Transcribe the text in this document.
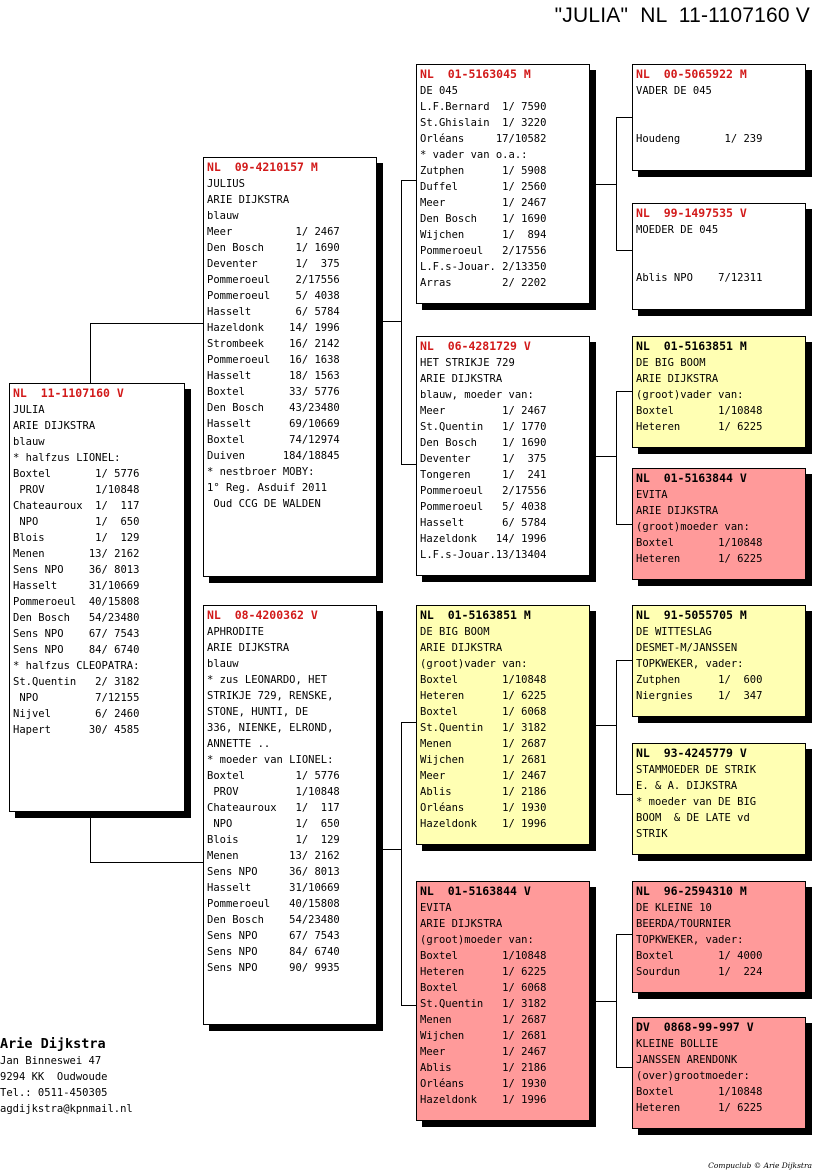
"JULIA"  NL  11-1107160 V
NL  11-1107160 V
JULIA
ARIE DIJKSTRA
blauw
* halfzus LIONEL:
Boxtel       1/ 5776
PROV        1/10848
Chateauroux  1/  117
NPO         1/  650
Blois        1/  129
Menen       13/ 2162
Sens NPO    36/ 8013
Hasselt     31/10669
Pommeroeul  40/15808
Den Bosch   54/23480
Sens NPO    67/ 7543
Sens NPO    84/ 6740
* halfzus CLEOPATRA:
St.Quentin   2/ 3182
NPO         7/12155
Nijvel       6/ 2460
Hapert      30/ 4585
NL  09-4210157 M
JULIUS
ARIE DIJKSTRA
blauw
Meer          1/ 2467
Den Bosch     1/ 1690
Deventer      1/  375
Pommeroeul    2/17556
Pommeroeul    5/ 4038
Hasselt       6/ 5784
Hazeldonk    14/ 1996
Strombeek    16/ 2142
Pommeroeul   16/ 1638
Hasselt      18/ 1563
Boxtel       33/ 5776
Den Bosch    43/23480
Hasselt      69/10669
Boxtel       74/12974
Duiven      184/18845
* nestbroer MOBY:
1° Reg. Asduif 2011
Oud CCG DE WALDEN
NL  08-4200362 V
APHRODITE
ARIE DIJKSTRA
blauw
* zus LEONARDO, HET
STRIKJE 729, RENSKE,
STONE, HUNTI, DE
336, NIENKE, ELROND,
ANNETTE ..
* moeder van LIONEL:
Boxtel        1/ 5776
PROV         1/10848
Chateauroux   1/  117
NPO          1/  650
Blois         1/  129
Menen        13/ 2162
Sens NPO     36/ 8013
Hasselt      31/10669
Pommeroeul   40/15808
Den Bosch    54/23480
Sens NPO     67/ 7543
Sens NPO     84/ 6740
Sens NPO     90/ 9935
NL  01-5163045 M
DE 045
L.F.Bernard  1/ 7590
St.Ghislain  1/ 3220
Orléans     17/10582
* vader van o.a.:
Zutphen      1/ 5908
Duffel       1/ 2560
Meer         1/ 2467
Den Bosch    1/ 1690
Wijchen      1/  894
Pommeroeul   2/17556
L.F.s-Jouar. 2/13350
Arras        2/ 2202
NL  06-4281729 V
HET STRIKJE 729
ARIE DIJKSTRA
blauw, moeder van:
Meer         1/ 2467
St.Quentin   1/ 1770
Den Bosch    1/ 1690
Deventer     1/  375
Tongeren     1/  241
Pommeroeul   2/17556
Pommeroeul   5/ 4038
Hasselt      6/ 5784
Hazeldonk   14/ 1996
L.F.s-Jouar.13/13404
NL  01-5163851 M
DE BIG BOOM
ARIE DIJKSTRA
(groot)vader van:
Boxtel       1/10848
Heteren      1/ 6225
Boxtel       1/ 6068
St.Quentin   1/ 3182
Menen        1/ 2687
Wijchen      1/ 2681
Meer         1/ 2467
Ablis        1/ 2186
Orléans      1/ 1930
Hazeldonk    1/ 1996
NL  01-5163844 V
EVITA
ARIE DIJKSTRA
(groot)moeder van:
Boxtel       1/10848
Heteren      1/ 6225
Boxtel       1/ 6068
St.Quentin   1/ 3182
Menen        1/ 2687
Wijchen      1/ 2681
Meer         1/ 2467
Ablis        1/ 2186
Orléans      1/ 1930
Hazeldonk    1/ 1996
NL  00-5065922 M
VADER DE 045
Houdeng       1/ 239
NL  99-1497535 V
MOEDER DE 045
Ablis NPO    7/12311
NL  01-5163851 M
DE BIG BOOM
ARIE DIJKSTRA
(groot)vader van:
Boxtel       1/10848
Heteren      1/ 6225
NL  01-5163844 V
EVITA
ARIE DIJKSTRA
(groot)moeder van:
Boxtel       1/10848
Heteren      1/ 6225
NL  91-5055705 M
DE WITTESLAG
DESMET-M/JANSSEN
TOPKWEKER, vader:
Zutphen      1/  600
Niergnies    1/  347
NL  93-4245779 V
STAMMOEDER DE STRIK
E. & A. DIJKSTRA
* moeder van DE BIG
BOOM  & DE LATE vd
STRIK
NL  96-2594310 M
DE KLEINE 10
BEERDA/TOURNIER
TOPKWEKER, vader:
Boxtel       1/ 4000
Sourdun      1/  224
DV  0868-99-997 V
KLEINE BOLLIE
JANSSEN ARENDONK
(over)grootmoeder:
Boxtel       1/10848
Heteren      1/ 6225
Arie Dijkstra
Jan Binneswei 47
9294 KK  Oudwoude
Tel.: 0511-450305
agdijkstra@kpnmail.nl
Compuclub © Arie Dijkstra
